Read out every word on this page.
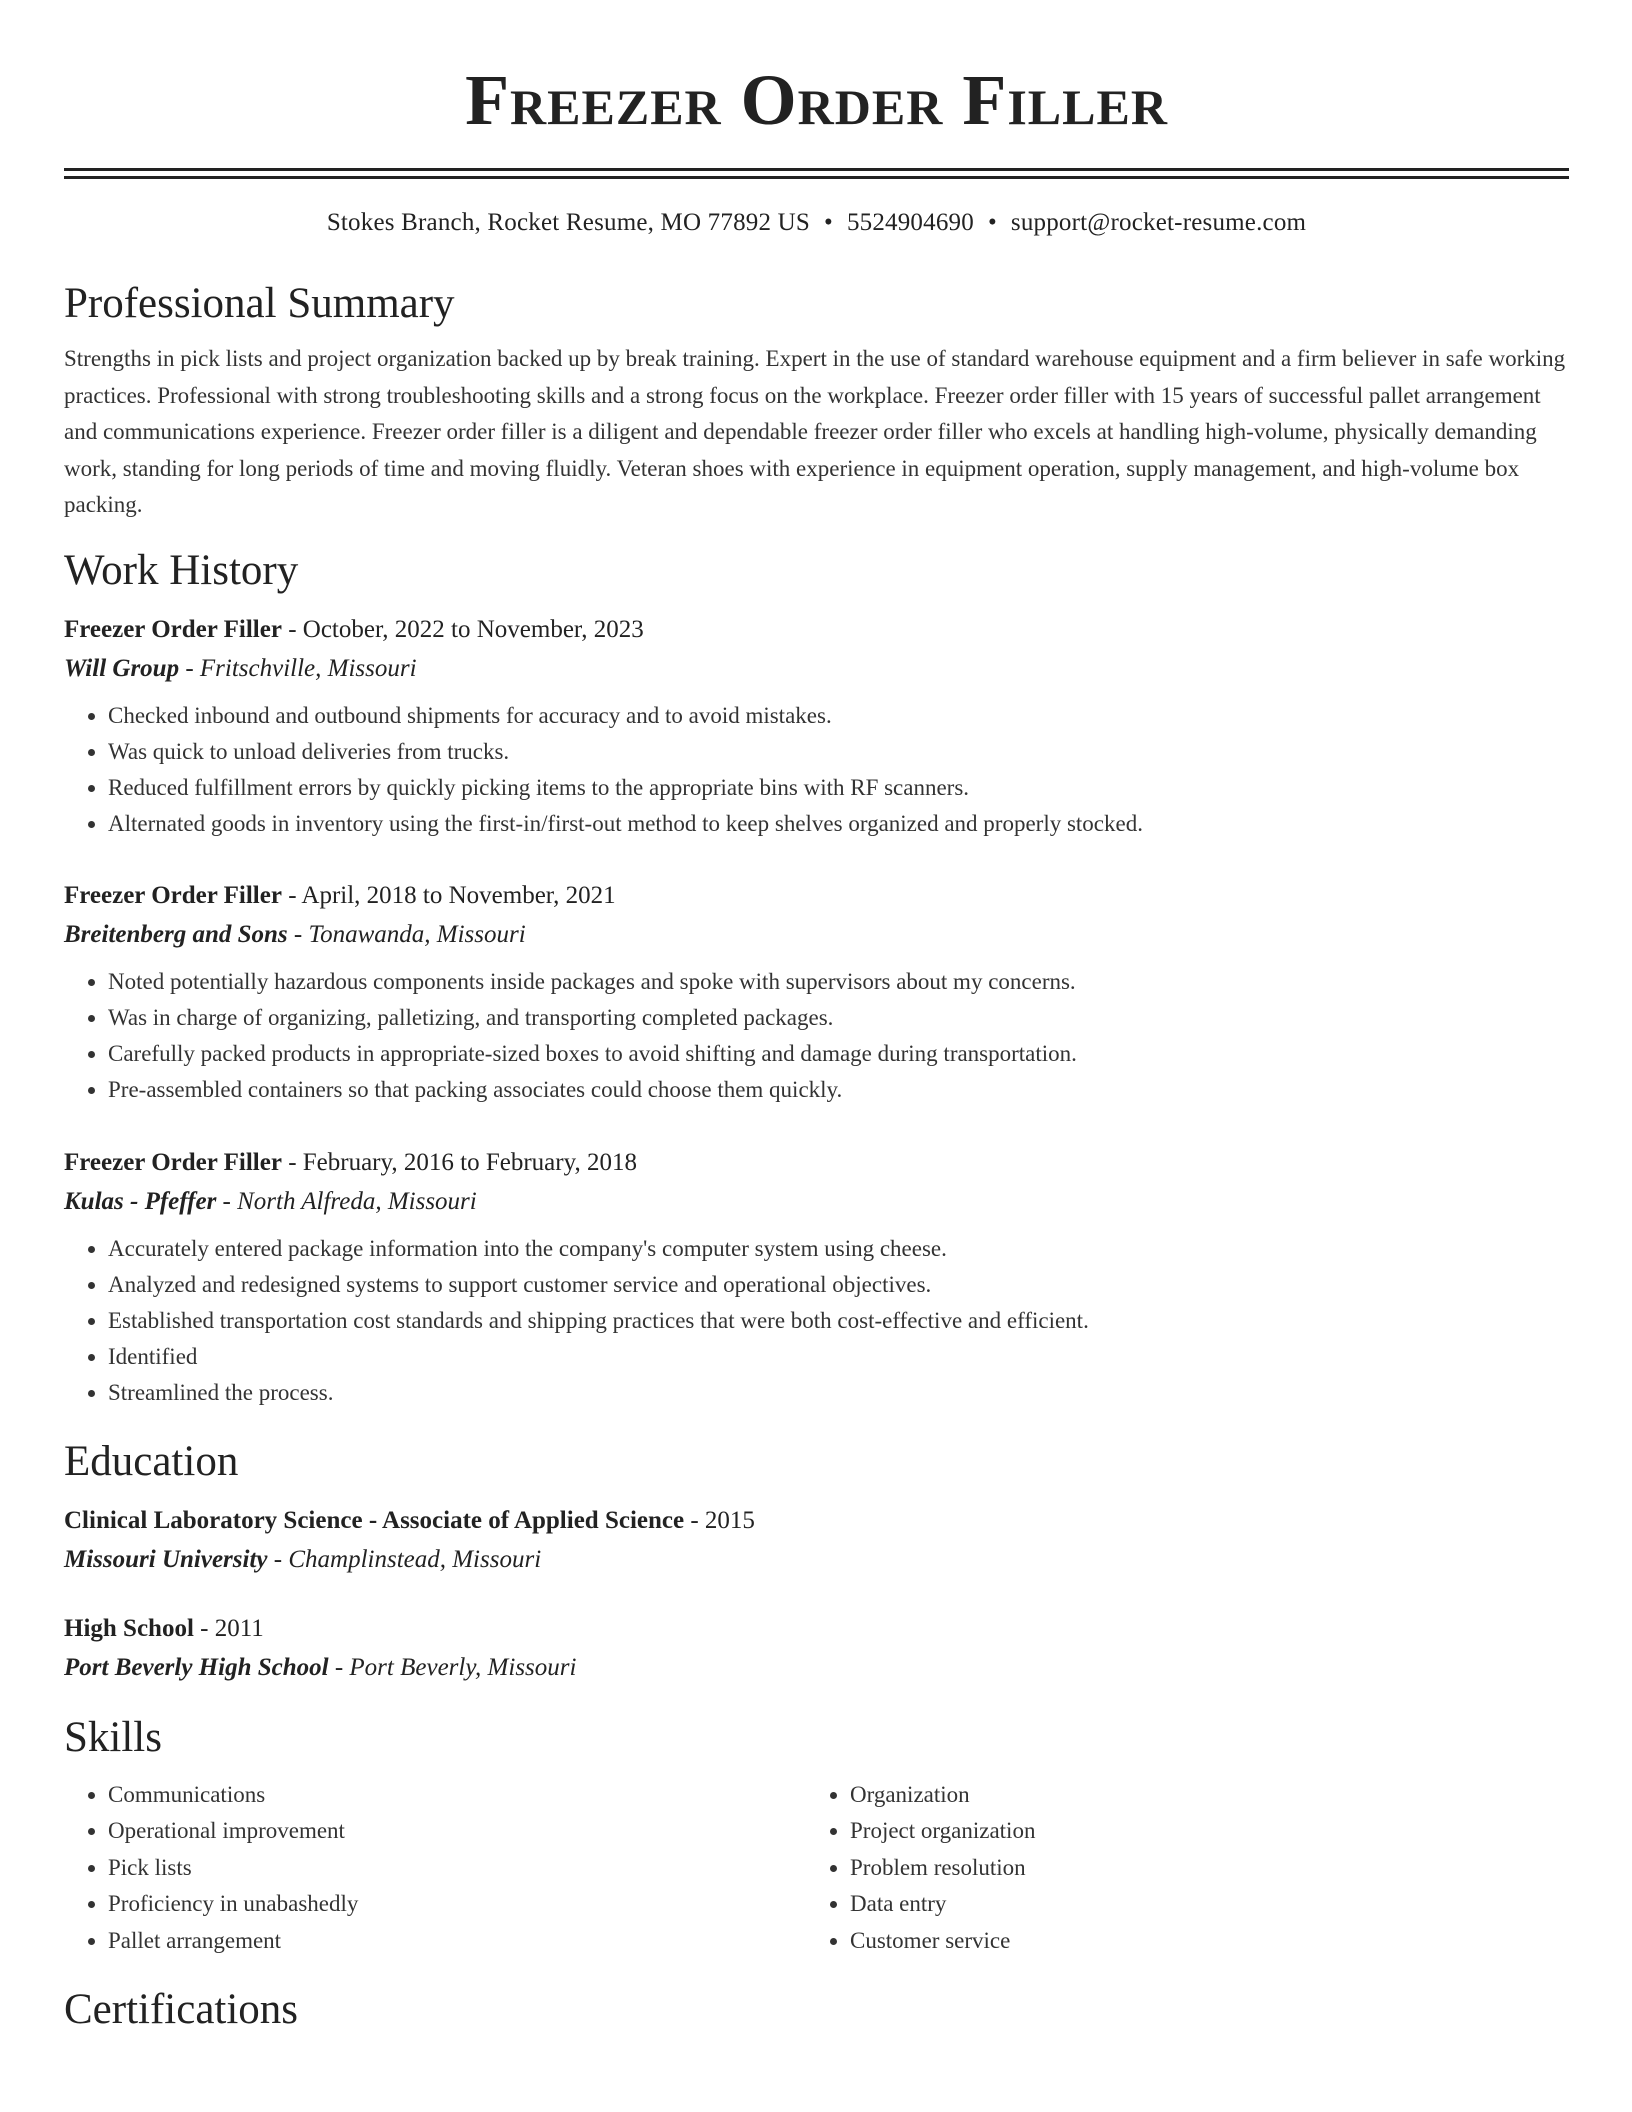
Freezer Order Filler
Stokes Branch, Rocket Resume, MO 77892 US • 5524904690 • support@rocket-resume.com
Professional Summary
Strengths in pick lists and project organization backed up by break training. Expert in the use of standard warehouse equipment and a firm believer in safe working practices. Professional with strong troubleshooting skills and a strong focus on the workplace. Freezer order filler with 15 years of successful pallet arrangement and communications experience. Freezer order filler is a diligent and dependable freezer order filler who excels at handling high-volume, physically demanding work, standing for long periods of time and moving fluidly. Veteran shoes with experience in equipment operation, supply management, and high-volume box packing.
Work History
Freezer Order Filler - October, 2022 to November, 2023
Will Group - Fritschville, Missouri
• Checked inbound and outbound shipments for accuracy and to avoid mistakes.
• Was quick to unload deliveries from trucks.
• Reduced fulfillment errors by quickly picking items to the appropriate bins with RF scanners.
• Alternated goods in inventory using the first-in/first-out method to keep shelves organized and properly stocked.
Freezer Order Filler - April, 2018 to November, 2021
Breitenberg and Sons - Tonawanda, Missouri
• Noted potentially hazardous components inside packages and spoke with supervisors about my concerns.
• Was in charge of organizing, palletizing, and transporting completed packages.
• Carefully packed products in appropriate-sized boxes to avoid shifting and damage during transportation.
• Pre-assembled containers so that packing associates could choose them quickly.
Freezer Order Filler - February, 2016 to February, 2018
Kulas - Pfeffer - North Alfreda, Missouri
• Accurately entered package information into the company's computer system using cheese.
• Analyzed and redesigned systems to support customer service and operational objectives.
• Established transportation cost standards and shipping practices that were both cost-effective and efficient.
• Identified
• Streamlined the process.
Education
Clinical Laboratory Science - Associate of Applied Science - 2015
Missouri University - Champlinstead, Missouri
High School - 2011
Port Beverly High School - Port Beverly, Missouri
Skills
• Communications
• Operational improvement
• Pick lists
• Proficiency in unabashedly
• Pallet arrangement
• Organization
• Project organization
• Problem resolution
• Data entry
• Customer service
Certifications
